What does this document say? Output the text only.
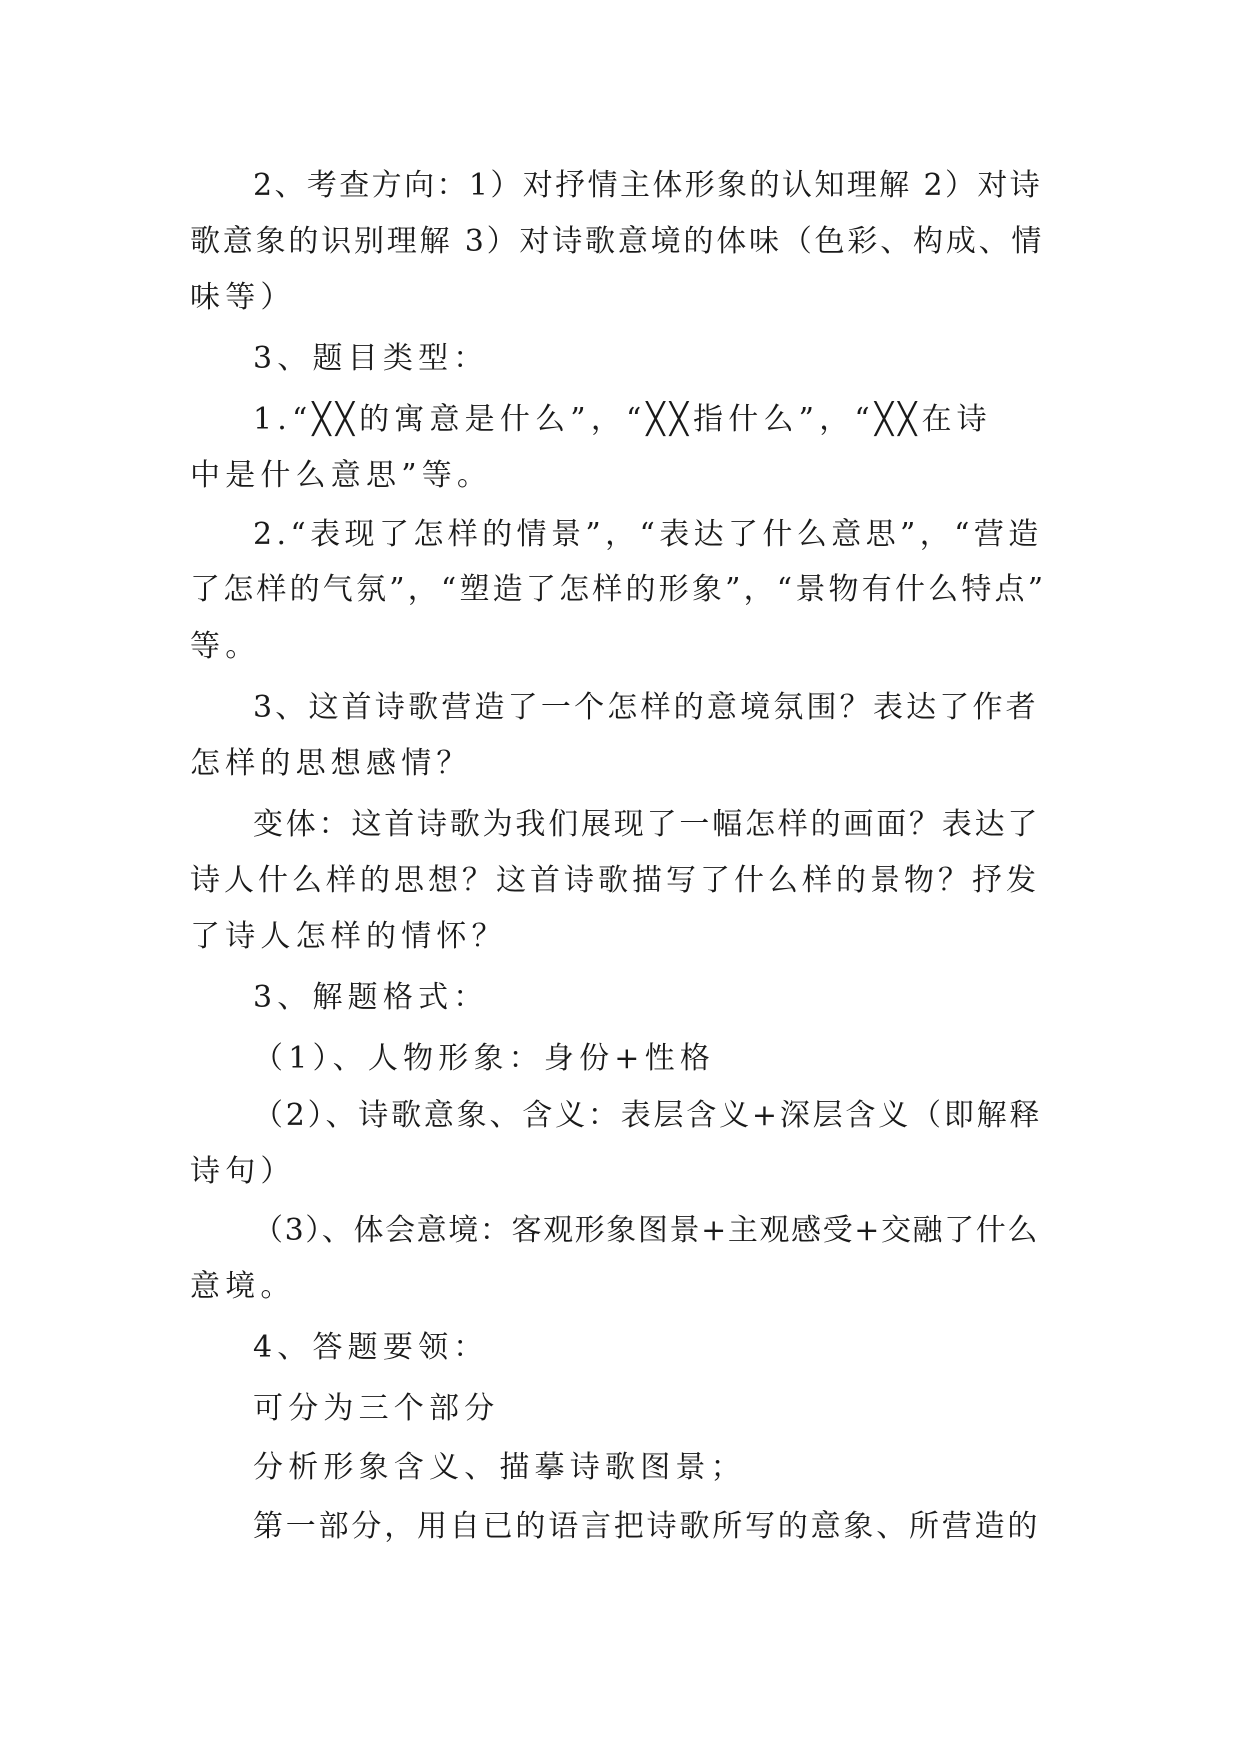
2、考查方向：1）对抒情主体形象的认知理解 2）对诗
歌意象的识别理解 3）对诗歌意境的体味（色彩、构成、情
味等）
3、题目类型：
1.“╳╳的寓意是什么”，“╳╳指什么”，“╳╳在诗
中是什么意思”等。
2.“表现了怎样的情景”，“表达了什么意思”，“营造
了怎样的气氛”，“塑造了怎样的形象”，“景物有什么特点”
等。
3、这首诗歌营造了一个怎样的意境氛围？表达了作者
怎样的思想感情？
变体：这首诗歌为我们展现了一幅怎样的画面？表达了
诗人什么样的思想？这首诗歌描写了什么样的景物？抒发
了诗人怎样的情怀？
3、解题格式：
（1）、人物形象：身份+性格
（2）、诗歌意象、含义：表层含义+深层含义（即解释
诗句）
（3）、体会意境：客观形象图景+主观感受+交融了什么
意境。
4、答题要领：
可分为三个部分
分析形象含义、描摹诗歌图景；
第一部分，用自已的语言把诗歌所写的意象、所营造的
